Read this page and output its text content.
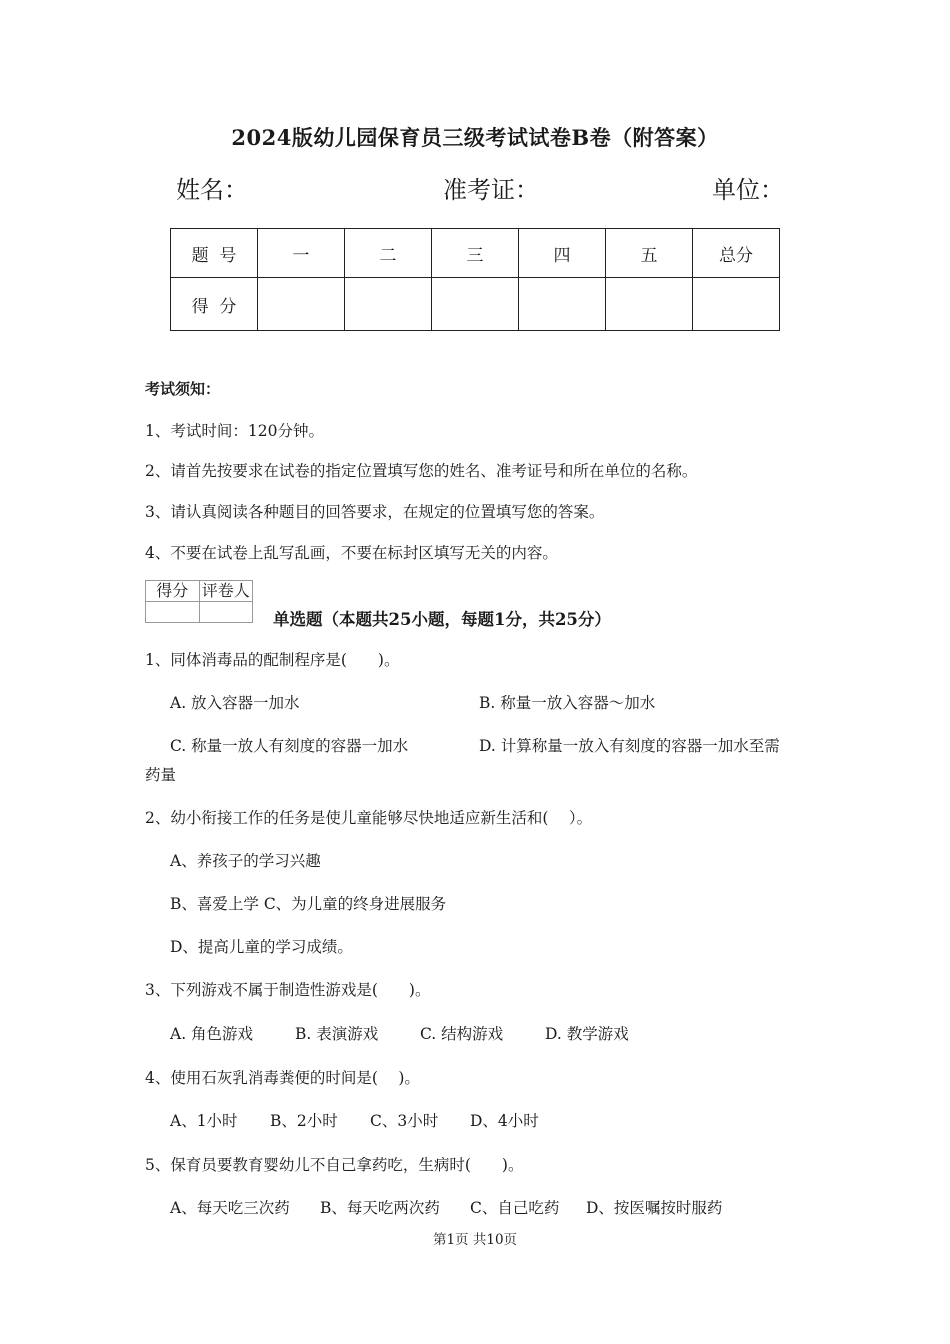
2024版幼儿园保育员三级考试试卷B卷（附答案）
姓名：	准考证：	单位：
题  号	一	二	三	四	五	总分
得  分						
考试须知：
1、考试时间：120分钟。
2、请首先按要求在试卷的指定位置填写您的姓名、准考证号和所在单位的名称。
3、请认真阅读各种题目的回答要求，在规定的位置填写您的答案。
4、不要在试卷上乱写乱画，不要在标封区填写无关的内容。
得分	评卷人

单选题（本题共25小题，每题1分，共25分）
1、同体消毒品的配制程序是(　　)。
A. 放入容器一加水	B. 称量一放入容器～加水
C. 称量一放人有刻度的容器一加水	D. 计算称量一放入有刻度的容器一加水至需
药量
2、幼小衔接工作的任务是使儿童能够尽快地适应新生活和(　 ）。
A、养孩子的学习兴趣
B、喜爱上学 C、为儿童的终身进展服务
D、提高儿童的学习成绩。
3、下列游戏不属于制造性游戏是(　　)。
A. 角色游戏	B. 表演游戏	C. 结构游戏	D. 教学游戏
4、使用石灰乳消毒粪便的时间是(　 )。
A、1小时 B、2小时 C、3小时 D、4小时
5、保育员要教育婴幼儿不自己拿药吃，生病时(　　)。
A、每天吃三次药 B、每天吃两次药 C、自己吃药 D、按医嘱按时服药
第1页 共10页
